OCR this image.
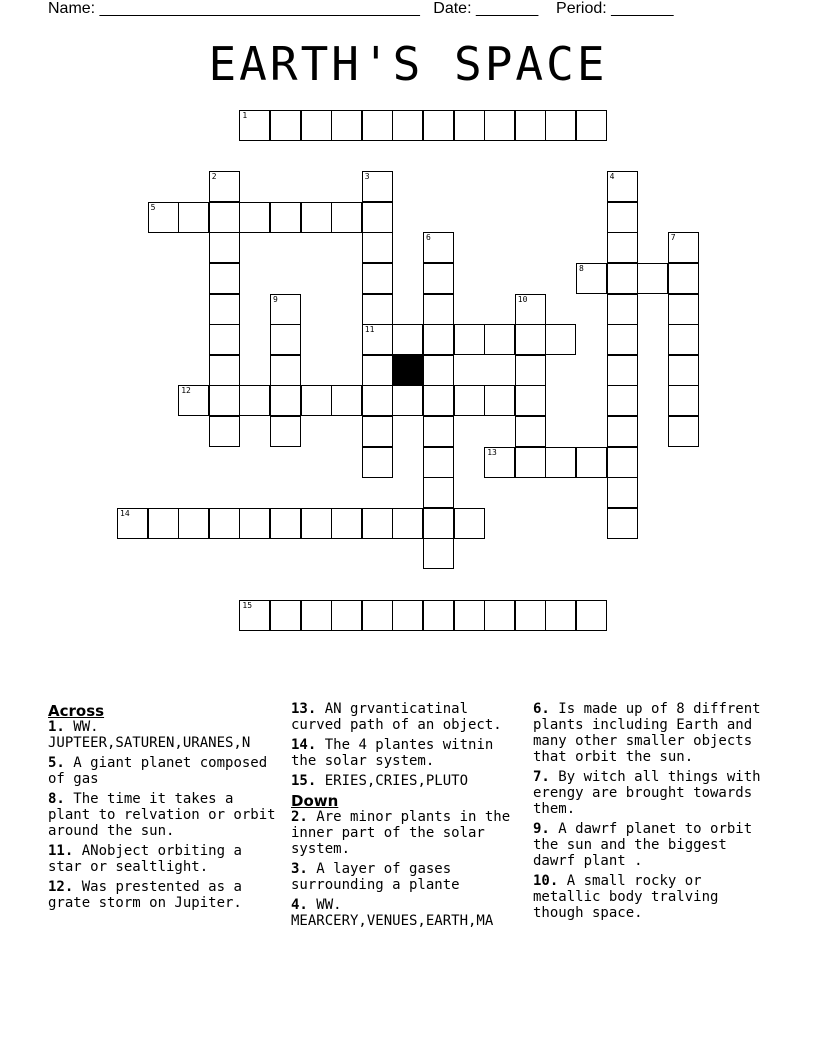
Name: ____________________________________ Date: _______ Period: _______
EARTH'S SPACE
1
2	3
11
4
5
6	7
8
9	10
12
13
14
15
Across
1. WW. JUPTEER,SATUREN,URANES,N
5. A giant planet composed of gas
8. The time it takes a plant to relvation or orbit around the sun.
11. ANobject orbiting a star or sealtlight.
12. Was prestented as a grate storm on Jupiter.
13. AN grvanticatinal curved path of an object.
14. The 4 plantes witnin the solar system.
15. ERIES,CRIES,PLUTO
Down
2. Are minor plants in the inner part of the solar system.
3. A layer of gases surrounding a plante
4. WW. MEARCERY,VENUES,EARTH,MA
6. Is made up of 8 diffrent plants including Earth and many other smaller objects that orbit the sun.
7. By witch all things with erengy are brought towards them.
9. A dawrf planet to orbit the sun and the biggest dawrf plant .
10. A small rocky or metallic body tralving though space.
